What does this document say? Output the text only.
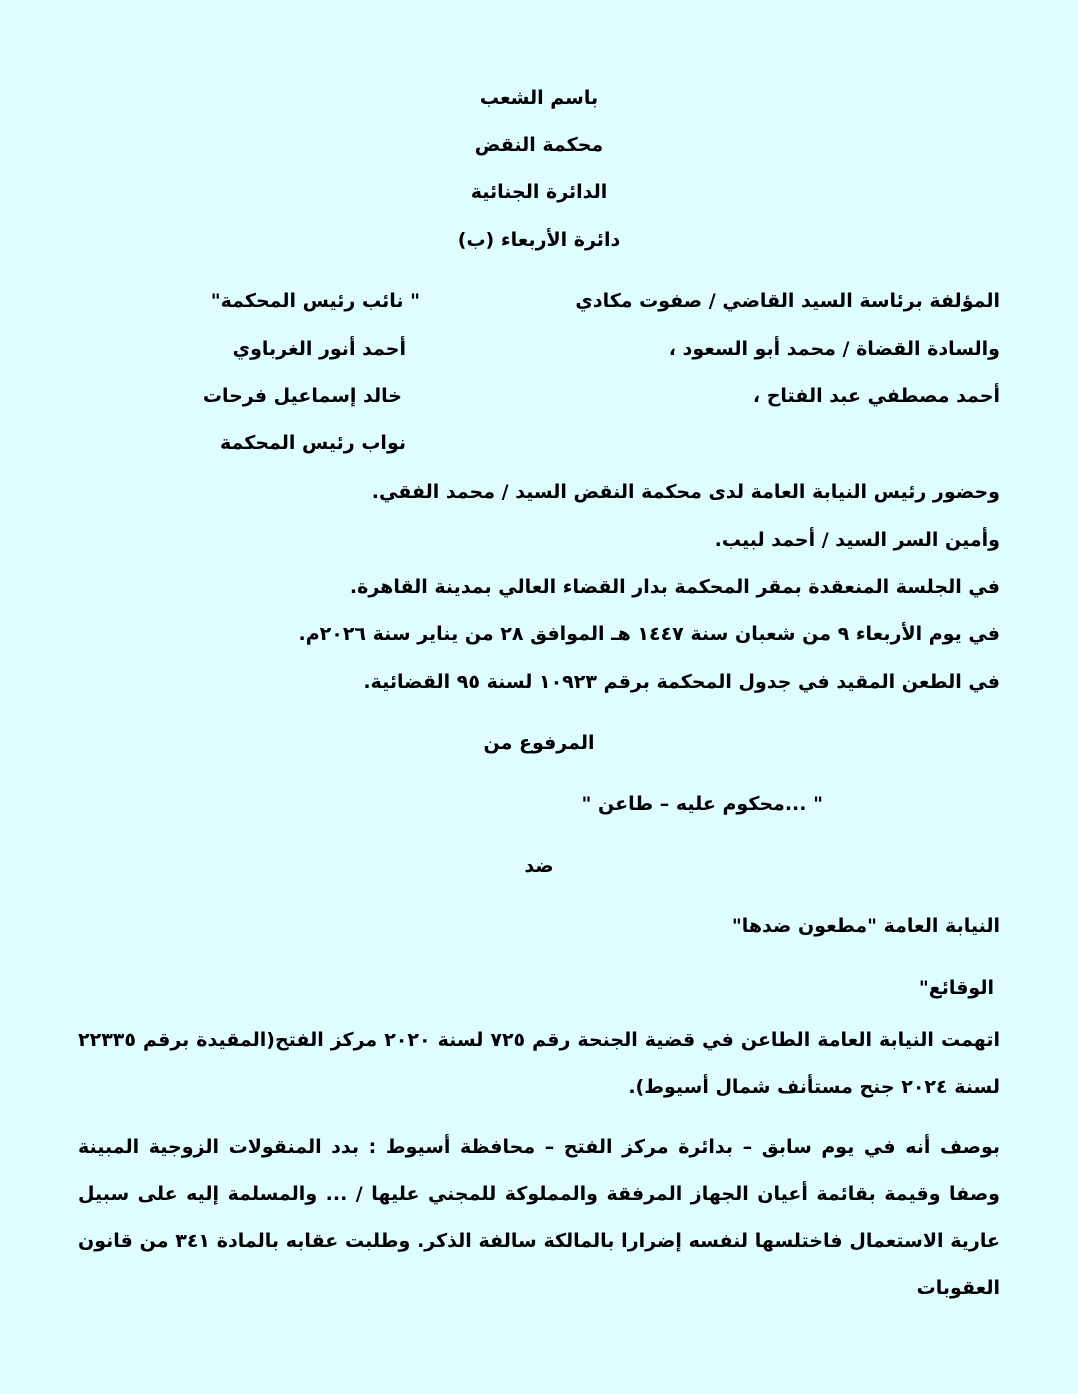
باسم الشعب
محكمة النقض
الدائرة الجنائية
دائرة الأربعاء (ب)
المؤلفة برئاسة السيد القاضي / صفوت مكادي
" نائب رئيس المحكمة"
والسادة القضاة / محمد أبو السعود ،
أحمد أنور الغرباوي
أحمد مصطفي عبد الفتاح ،
خالد إسماعيل فرحات
نواب رئيس المحكمة
وحضور رئيس النيابة العامة لدى محكمة النقض السيد / محمد الفقي.
وأمين السر السيد / أحمد لبيب.
في الجلسة المنعقدة بمقر المحكمة بدار القضاء العالي بمدينة القاهرة.
في يوم الأربعاء ٩ من شعبان سنة ١٤٤٧ هـ الموافق ٢٨ من يناير سنة ٢٠٢٦م.
في الطعن المقيد في جدول المحكمة برقم ١٠٩٢٣ لسنة ٩٥ القضائية.
المرفوع من
" ...محكوم عليه – طاعن "
ضد
النيابة العامة "مطعون ضدها"
الوقائع"
اتهمت النيابة العامة الطاعن في قضية الجنحة رقم ٧٢٥ لسنة ٢٠٢٠ مركز الفتح(المقيدة برقم ٢٢٣٣٥ لسنة ٢٠٢٤ جنح مستأنف شمال أسيوط).
بوصف أنه في يوم سابق – بدائرة مركز الفتح – محافظة أسيوط : بدد المنقولات الزوجية المبينة وصفا وقيمة بقائمة أعيان الجهاز المرفقة والمملوكة للمجني عليها / ... والمسلمة إليه على سبيل عارية الاستعمال فاختلسها لنفسه إضرارا بالمالكة سالفة الذكر. وطلبت عقابه بالمادة ٣٤١ من قانون العقوبات
